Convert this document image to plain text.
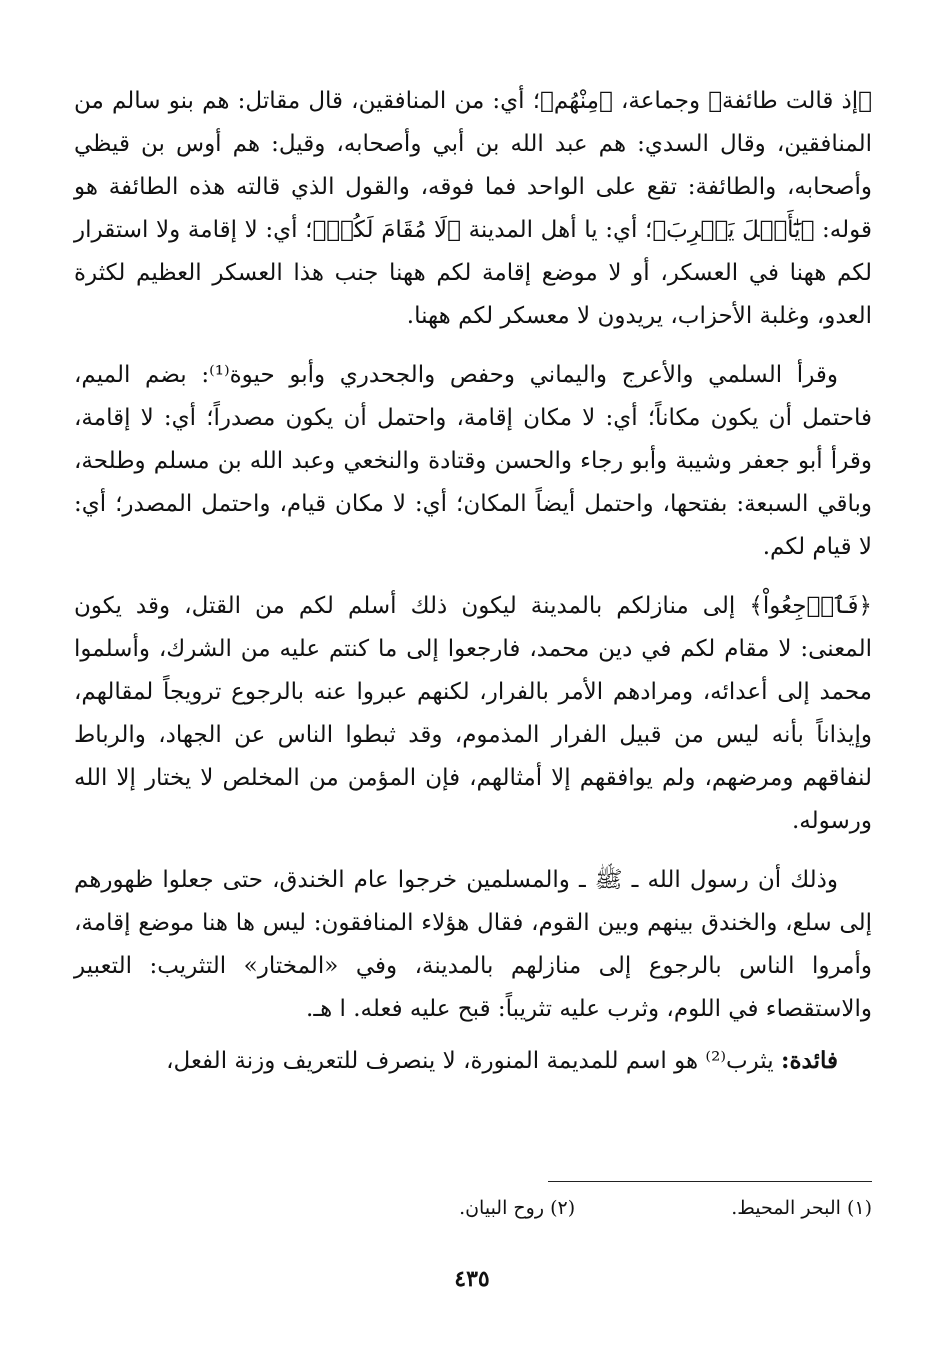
﴿إذ قالت طائفة﴾ وجماعة، ﴿مِنْهُم﴾؛ أي: من المنافقين، قال مقاتل: هم بنو سالم من المنافقين، وقال السدي: هم عبد الله بن أبي وأصحابه، وقيل: هم أوس بن قيظي وأصحابه، والطائفة: تقع على الواحد فما فوقه، والقول الذي قالته هذه الطائفة هو قوله: ﴿يَٰٓأَهۡلَ يَثۡرِبَ﴾؛ أي: يا أهل المدينة ﴿لَا مُقَامَ لَكُمۡ﴾؛ أي: لا إقامة ولا استقرار لكم ههنا في العسكر، أو لا موضع إقامة لكم ههنا جنب هذا العسكر العظيم لكثرة العدو، وغلبة الأحزاب، يريدون لا معسكر لكم ههنا.

وقرأ السلمي والأعرج واليماني وحفص والجحدري وأبو حيوة⁽¹⁾: بضم الميم، فاحتمل أن يكون مكاناً؛ أي: لا مكان إقامة، واحتمل أن يكون مصدراً؛ أي: لا إقامة، وقرأ أبو جعفر وشيبة وأبو رجاء والحسن وقتادة والنخعي وعبد الله بن مسلم وطلحة، وباقي السبعة: بفتحها، واحتمل أيضاً المكان؛ أي: لا مكان قيام، واحتمل المصدر؛ أي: لا قيام لكم.

﴿فَٱرۡجِعُواْ﴾ إلى منازلكم بالمدينة ليكون ذلك أسلم لكم من القتل، وقد يكون المعنى: لا مقام لكم في دين محمد، فارجعوا إلى ما كنتم عليه من الشرك، وأسلموا محمد إلى أعدائه، ومرادهم الأمر بالفرار، لكنهم عبروا عنه بالرجوع ترويجاً لمقالهم، وإيذاناً بأنه ليس من قبيل الفرار المذموم، وقد ثبطوا الناس عن الجهاد، والرباط لنفاقهم ومرضهم، ولم يوافقهم إلا أمثالهم، فإن المؤمن من المخلص لا يختار إلا الله ورسوله.

وذلك أن رسول الله ـ ﷺ ـ والمسلمين خرجوا عام الخندق، حتى جعلوا ظهورهم إلى سلع، والخندق بينهم وبين القوم، فقال هؤلاء المنافقون: ليس ها هنا موضع إقامة، وأمروا الناس بالرجوع إلى منازلهم بالمدينة، وفي «المختار» التثريب: التعبير والاستقصاء في اللوم، وثرب عليه تثريباً: قبح عليه فعله. ا هـ.

فائدة: يثرب⁽²⁾ هو اسم للمديمة المنورة، لا ينصرف للتعريف وزنة الفعل،

(١) البحر المحيط. (٢) روح البيان.
٤٣٥
